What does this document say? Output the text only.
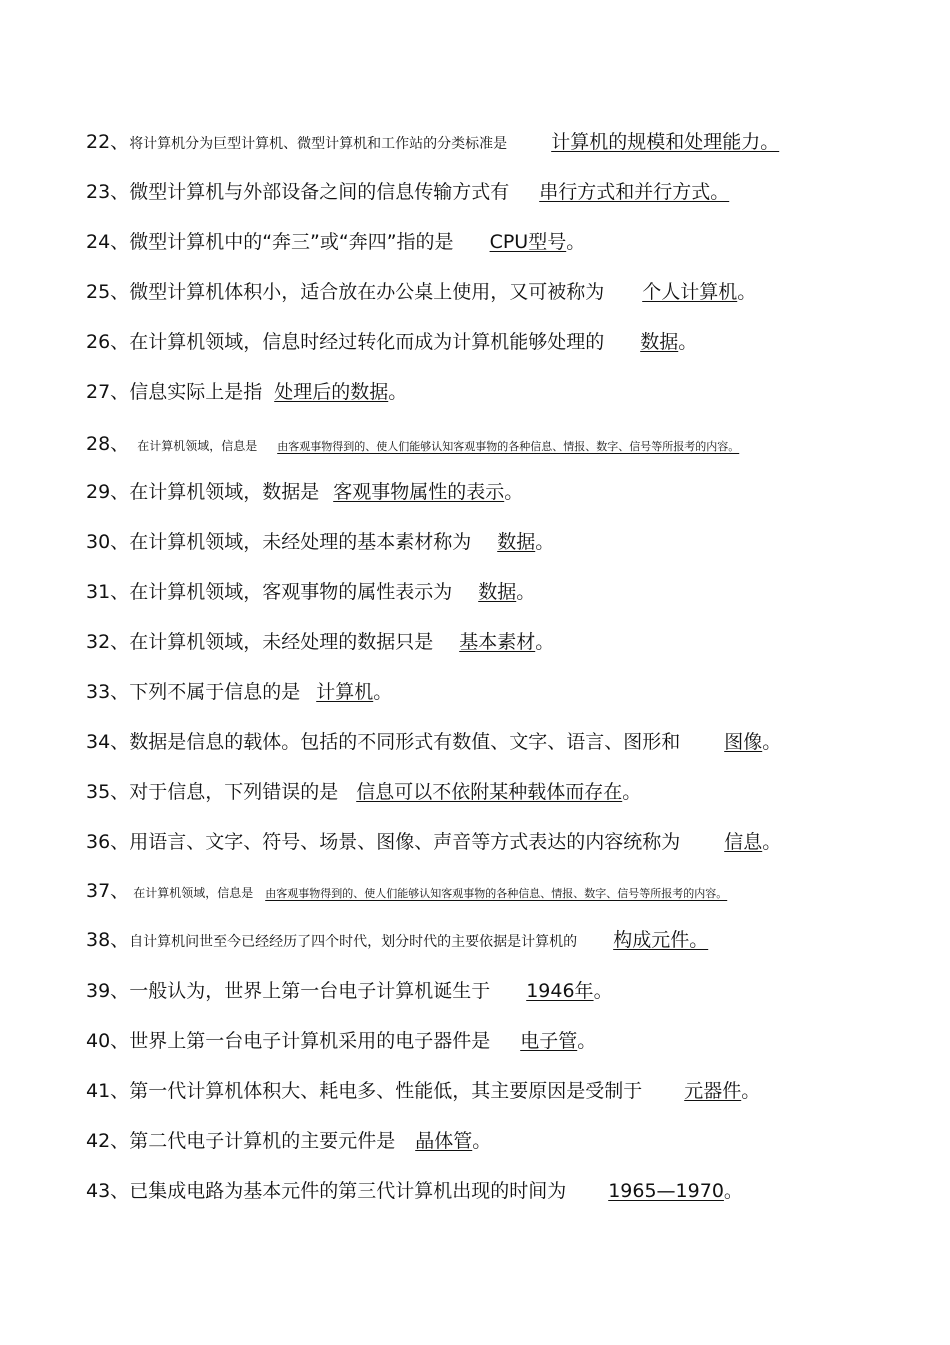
22、将计算机分为巨型计算机、微型计算机和工作站的分类标准是 计算机的规模和处理能力。
23、微型计算机与外部设备之间的信息传输方式有 串行方式和并行方式。
24、微型计算机中的“奔三”或“奔四”指的是 CPU型号。
25、微型计算机体积小，适合放在办公桌上使用，又可被称为 个人计算机。
26、在计算机领域，信息时经过转化而成为计算机能够处理的 数据。
27、信息实际上是指 处理后的数据。
28、 在计算机领域，信息是 由客观事物得到的、使人们能够认知客观事物的各种信息、情报、数字、信号等所报考的内容。
29、在计算机领域，数据是 客观事物属性的表示。
30、在计算机领域，未经处理的基本素材称为 数据。
31、在计算机领域，客观事物的属性表示为 数据。
32、在计算机领域，未经处理的数据只是 基本素材。
33、下列不属于信息的是 计算机。
34、数据是信息的载体。包括的不同形式有数值、文字、语言、图形和 图像。
35、对于信息，下列错误的是 信息可以不依附某种载体而存在。
36、用语言、文字、符号、场景、图像、声音等方式表达的内容统称为 信息。
37、 在计算机领域，信息是 由客观事物得到的、使人们能够认知客观事物的各种信息、情报、数字、信号等所报考的内容。
38、自计算机问世至今已经经历了四个时代，划分时代的主要依据是计算机的 构成元件。
39、一般认为，世界上第一台电子计算机诞生于 1946年。
40、世界上第一台电子计算机采用的电子器件是 电子管。
41、第一代计算机体积大、耗电多、性能低，其主要原因是受制于 元器件。
42、第二代电子计算机的主要元件是 晶体管。
43、已集成电路为基本元件的第三代计算机出现的时间为 1965—1970。
